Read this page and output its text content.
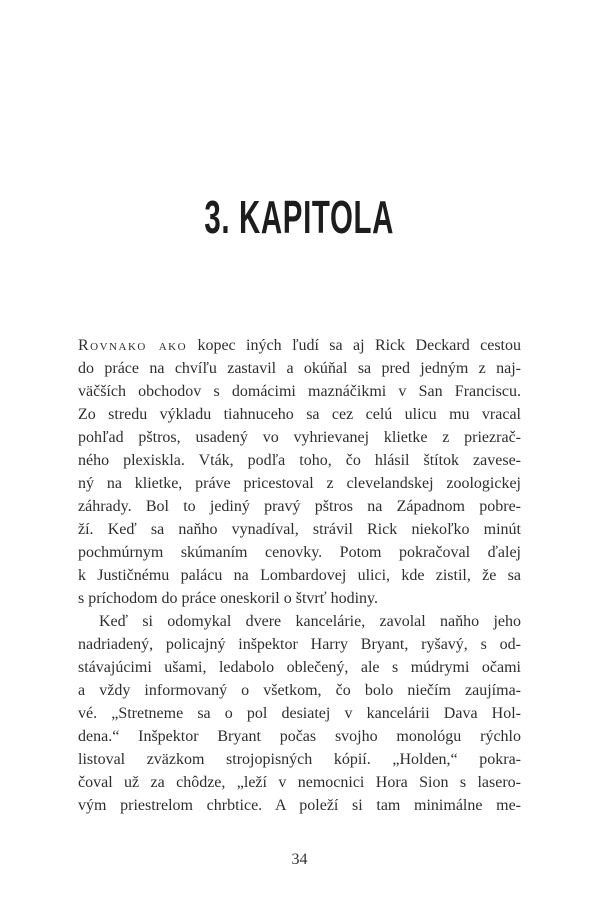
3. KAPITOLA
Rovnako ako kopec iných ľudí sa aj Rick Deckard cestou
do práce na chvíľu zastavil a okúňal sa pred jedným z naj-
väčších obchodov s domácimi maznáčikmi v San Franciscu.
Zo stredu výkladu tiahnuceho sa cez celú ulicu mu vracal
pohľad pštros, usadený vo vyhrievanej klietke z priezrač-
ného plexiskla. Vták, podľa toho, čo hlásil štítok zavese-
ný na klietke, práve pricestoval z clevelandskej zoologickej
záhrady. Bol to jediný pravý pštros na Západnom pobre-
ží. Keď sa naňho vynadíval, strávil Rick niekoľko minút
pochmúrnym skúmaním cenovky. Potom pokračoval ďalej
k Justičnému palácu na Lombardovej ulici, kde zistil, že sa
s príchodom do práce oneskoril o štvrť hodiny.
Keď si odomykal dvere kancelárie, zavolal naňho jeho
nadriadený, policajný inšpektor Harry Bryant, ryšavý, s od-
stávajúcimi ušami, ledabolo oblečený, ale s múdrymi očami
a vždy informovaný o všetkom, čo bolo niečím zaujíma-
vé. „Stretneme sa o pol desiatej v kancelárii Dava Hol-
dena.“ Inšpektor Bryant počas svojho monológu rýchlo
listoval zväzkom strojopisných kópií. „Holden,“ pokra-
čoval už za chôdze, „leží v nemocnici Hora Sion s lasero-
vým priestrelom chrbtice. A poleží si tam minimálne me-
34
